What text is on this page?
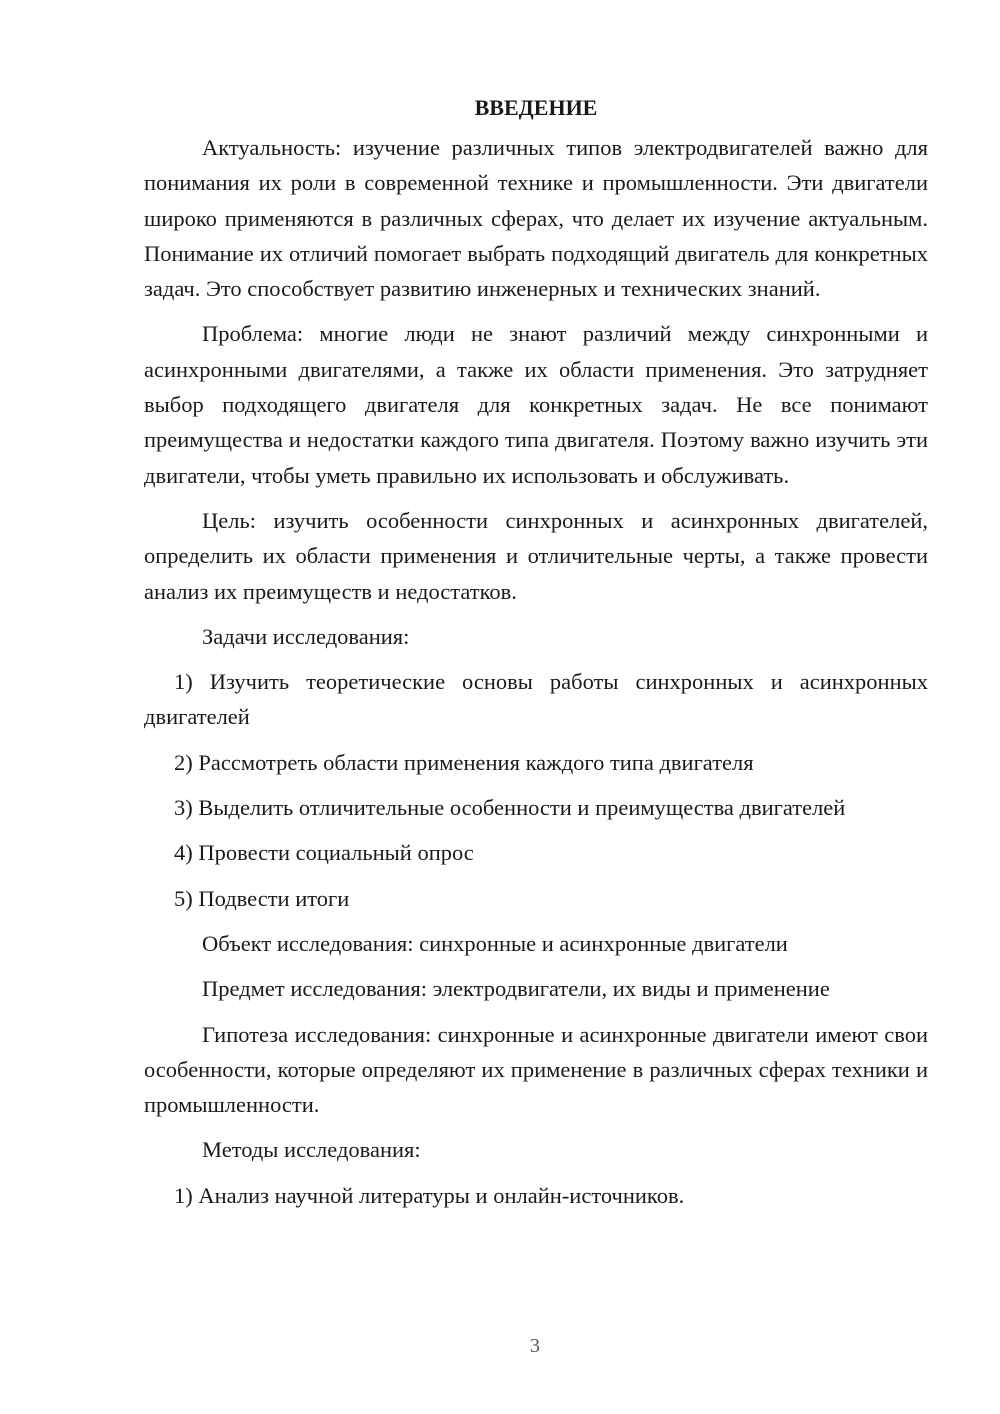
ВВЕДЕНИЕ

Актуальность: изучение различных типов электродвигателей важно для понимания их роли в современной технике и промышленности. Эти двигатели широко применяются в различных сферах, что делает их изучение актуальным. Понимание их отличий помогает выбрать подходящий двигатель для конкретных задач. Это способствует развитию инженерных и технических знаний.

Проблема: многие люди не знают различий между синхронными и асинхронными двигателями, а также их области применения. Это затрудняет выбор подходящего двигателя для конкретных задач. Не все понимают преимущества и недостатки каждого типа двигателя. Поэтому важно изучить эти двигатели, чтобы уметь правильно их использовать и обслуживать.

Цель: изучить особенности синхронных и асинхронных двигателей, определить их области применения и отличительные черты, а также провести анализ их преимуществ и недостатков.

Задачи исследования:

1) Изучить теоретические основы работы синхронных и асинхронных двигателей

2) Рассмотреть области применения каждого типа двигателя

3) Выделить отличительные особенности и преимущества двигателей

4) Провести социальный опрос

5) Подвести итоги

Объект исследования: синхронные и асинхронные двигатели

Предмет исследования: электродвигатели, их виды и применение

Гипотеза исследования: синхронные и асинхронные двигатели имеют свои особенности, которые определяют их применение в различных сферах техники и промышленности.

Методы исследования:

1) Анализ научной литературы и онлайн-источников.

3
